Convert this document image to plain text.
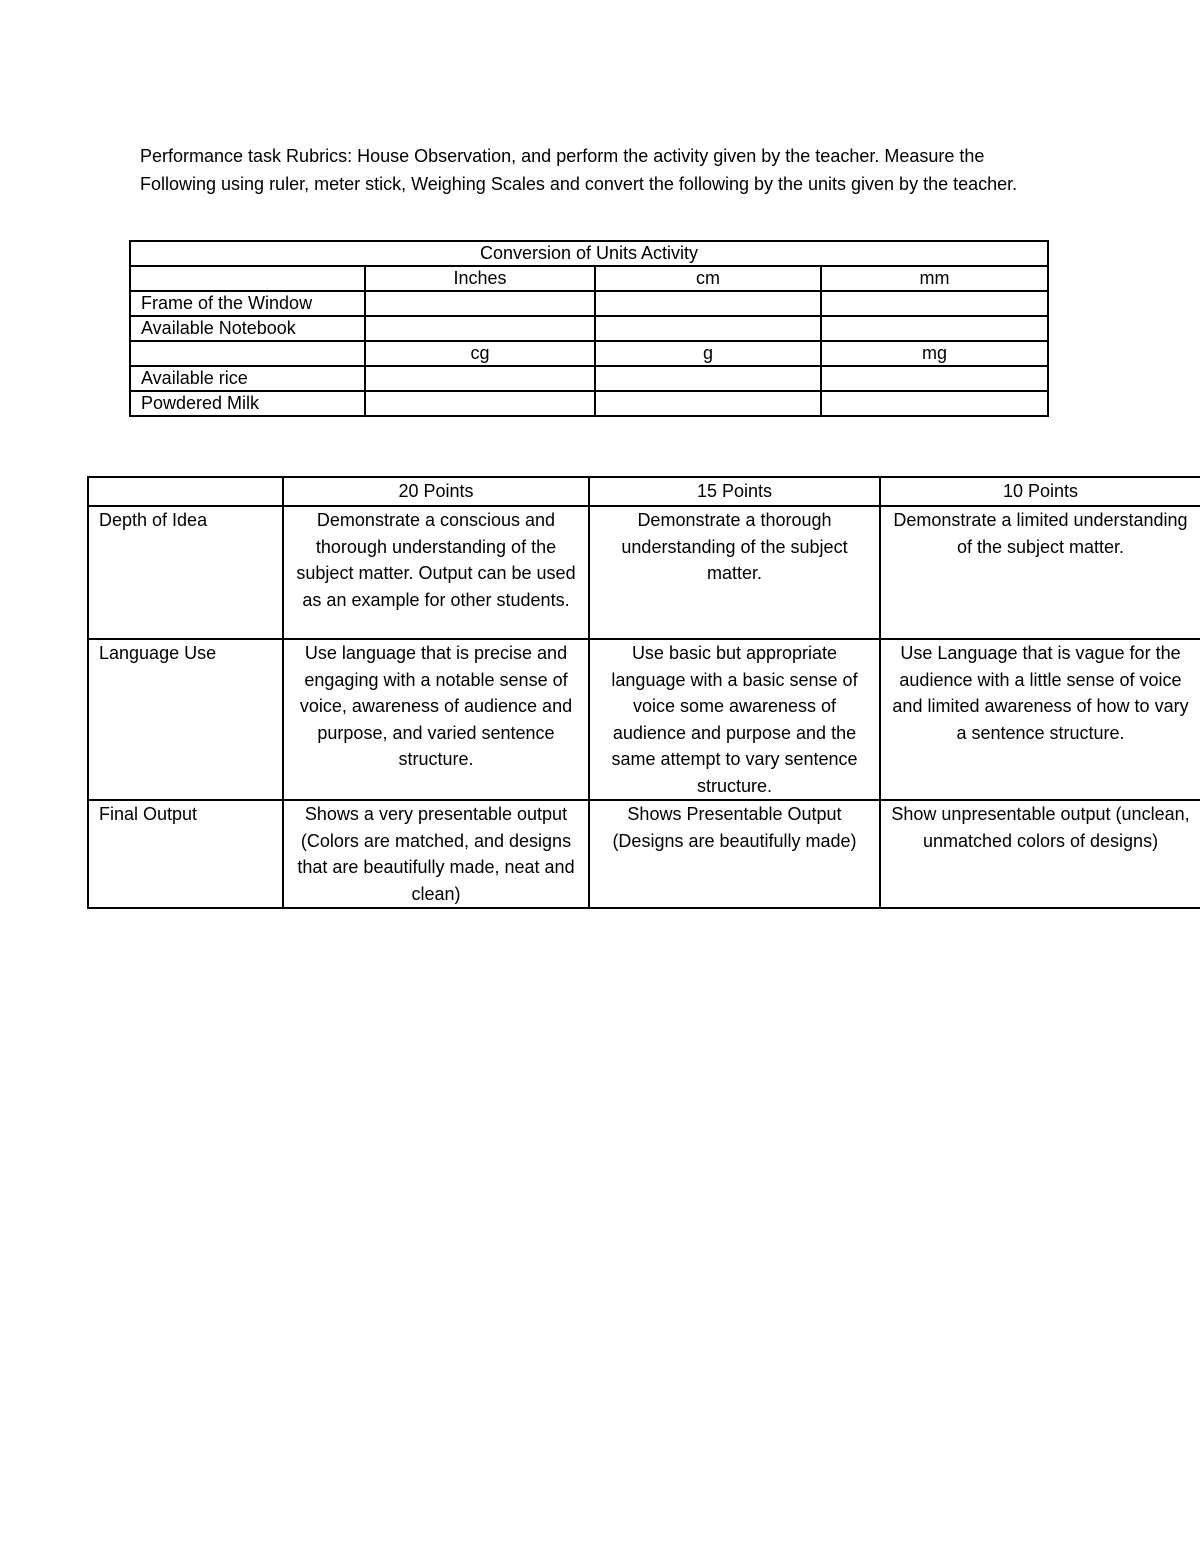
Performance task Rubrics: House Observation, and perform the activity given by the teacher. Measure the Following using ruler, meter stick, Weighing Scales and convert the following by the units given by the teacher.
Conversion of Units Activity			
	Inches	cm	mm
Frame of the Window			
Available Notebook			
	cg	g	mg
Available rice			
Powdered Milk			
	20 Points	15 Points	10 Points
Depth of Idea	Demonstrate a conscious and thorough understanding of the subject matter. Output can be used as an example for other students.	Demonstrate a thorough understanding of the subject matter.	Demonstrate a limited understanding of the subject matter.
Language Use	Use language that is precise and engaging with a notable sense of voice, awareness of audience and purpose, and varied sentence structure.	Use basic but appropriate language with a basic sense of voice some awareness of audience and purpose and the same attempt to vary sentence structure.	Use Language that is vague for the audience with a little sense of voice and limited awareness of how to vary a sentence structure.
Final Output	Shows a very presentable output (Colors are matched, and designs that are beautifully made, neat and clean)	Shows Presentable Output (Designs are beautifully made)	Show unpresentable output (unclean, unmatched colors of designs)
